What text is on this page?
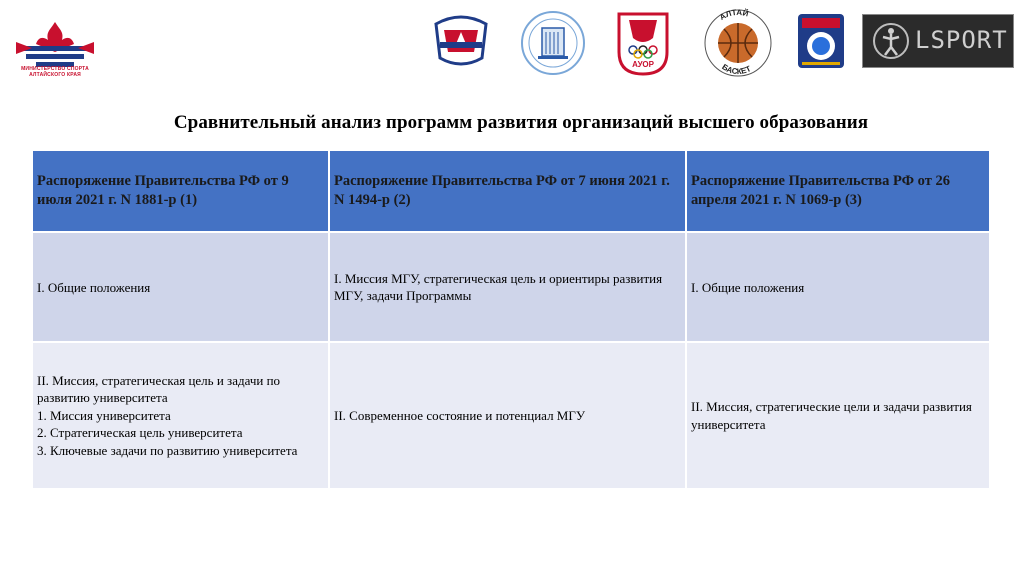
МИНИСТЕРСТВО СПОРТА АЛТАЙСКОГО КРАЯ
АУОР
АЛТАЙ
БАСКЕТ
LSPORT
Сравнительный анализ программ развития организаций высшего образования
Распоряжение Правительства РФ от 9 июля 2021 г. N 1881-р (1)	Распоряжение Правительства РФ от 7 июня 2021 г. N 1494-р (2)	Распоряжение Правительства РФ от 26 апреля 2021 г. N 1069-р (3)
I. Общие положения	I. Миссия МГУ, стратегическая цель и ориентиры развития МГУ, задачи Программы	I. Общие положения

II. Миссия, стратегическая цель и задачи по развитию университета
1. Миссия университета
2. Стратегическая цель университета
3. Ключевые задачи по развитию университета	II. Современное состояние и потенциал МГУ	II. Миссия, стратегические цели и задачи развития университета
